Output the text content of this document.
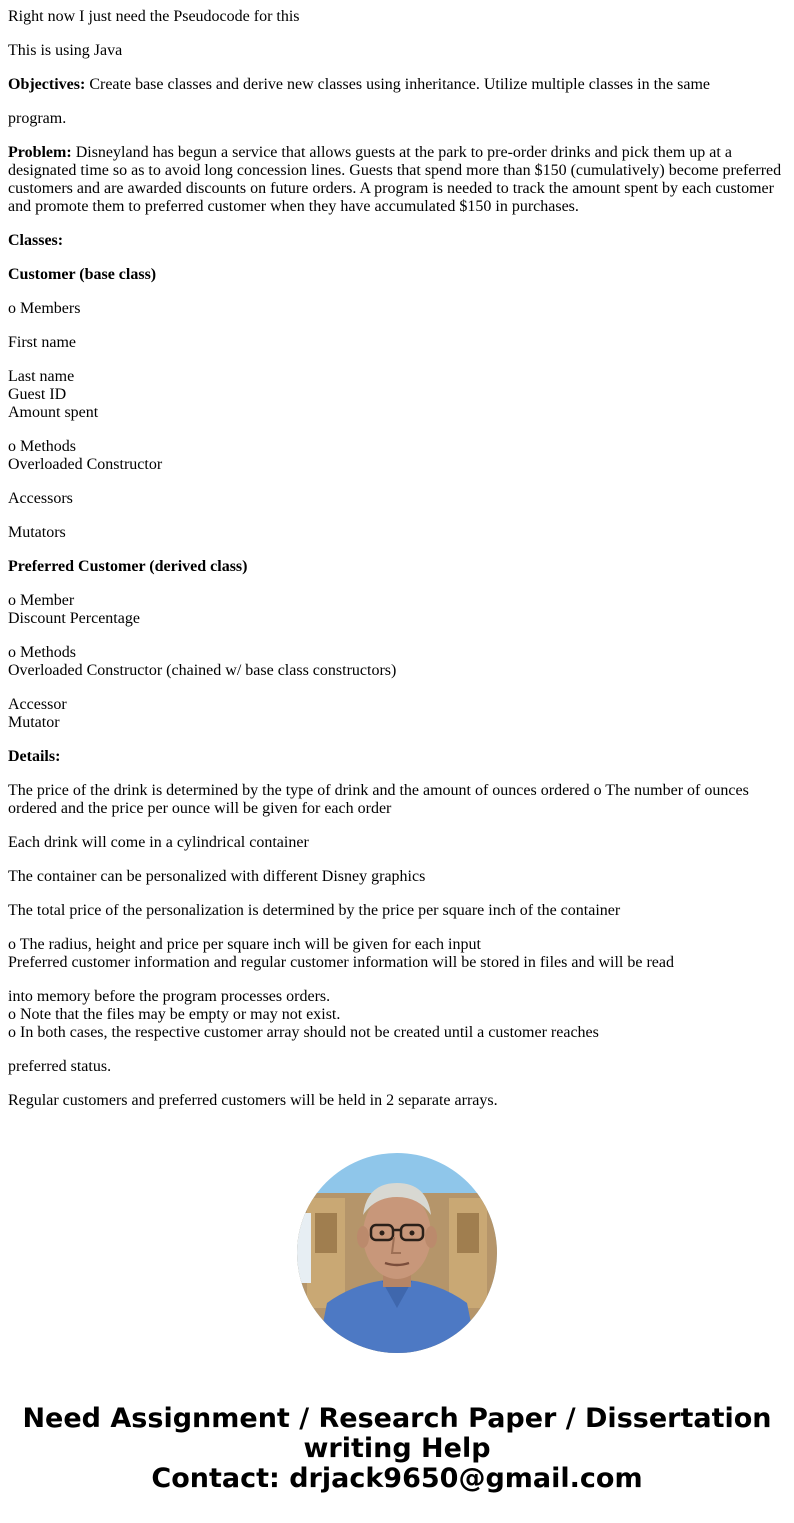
Right now I just need the Pseudocode for this

This is using Java

Objectives: Create base classes and derive new classes using inheritance. Utilize multiple classes in the same

program.

Problem: Disneyland has begun a service that allows guests at the park to pre-order drinks and pick them up at a designated time so as to avoid long concession lines. Guests that spend more than $150 (cumulatively) become preferred customers and are awarded discounts on future orders. A program is needed to track the amount spent by each customer and promote them to preferred customer when they have accumulated $150 in purchases.

Classes:

Customer (base class)

o Members

First name

Last name

Guest ID

Amount spent

o Methods

Overloaded Constructor

Accessors

Mutators

Preferred Customer (derived class)

o Member

Discount Percentage

o Methods

Overloaded Constructor (chained w/ base class constructors)

Accessor

Mutator

Details:

The price of the drink is determined by the type of drink and the amount of ounces ordered o The number of ounces ordered and the price per ounce will be given for each order

Each drink will come in a cylindrical container

The container can be personalized with different Disney graphics

The total price of the personalization is determined by the price per square inch of the container

o The radius, height and price per square inch will be given for each input

Preferred customer information and regular customer information will be stored in files and will be read

into memory before the program processes orders.

o Note that the files may be empty or may not exist.

o In both cases, the respective customer array should not be created until a customer reaches

preferred status.

Regular customers and preferred customers will be held in 2 separate arrays.

Need Assignment / Research Paper / Dissertation
writing Help
Contact: drjack9650@gmail.com
